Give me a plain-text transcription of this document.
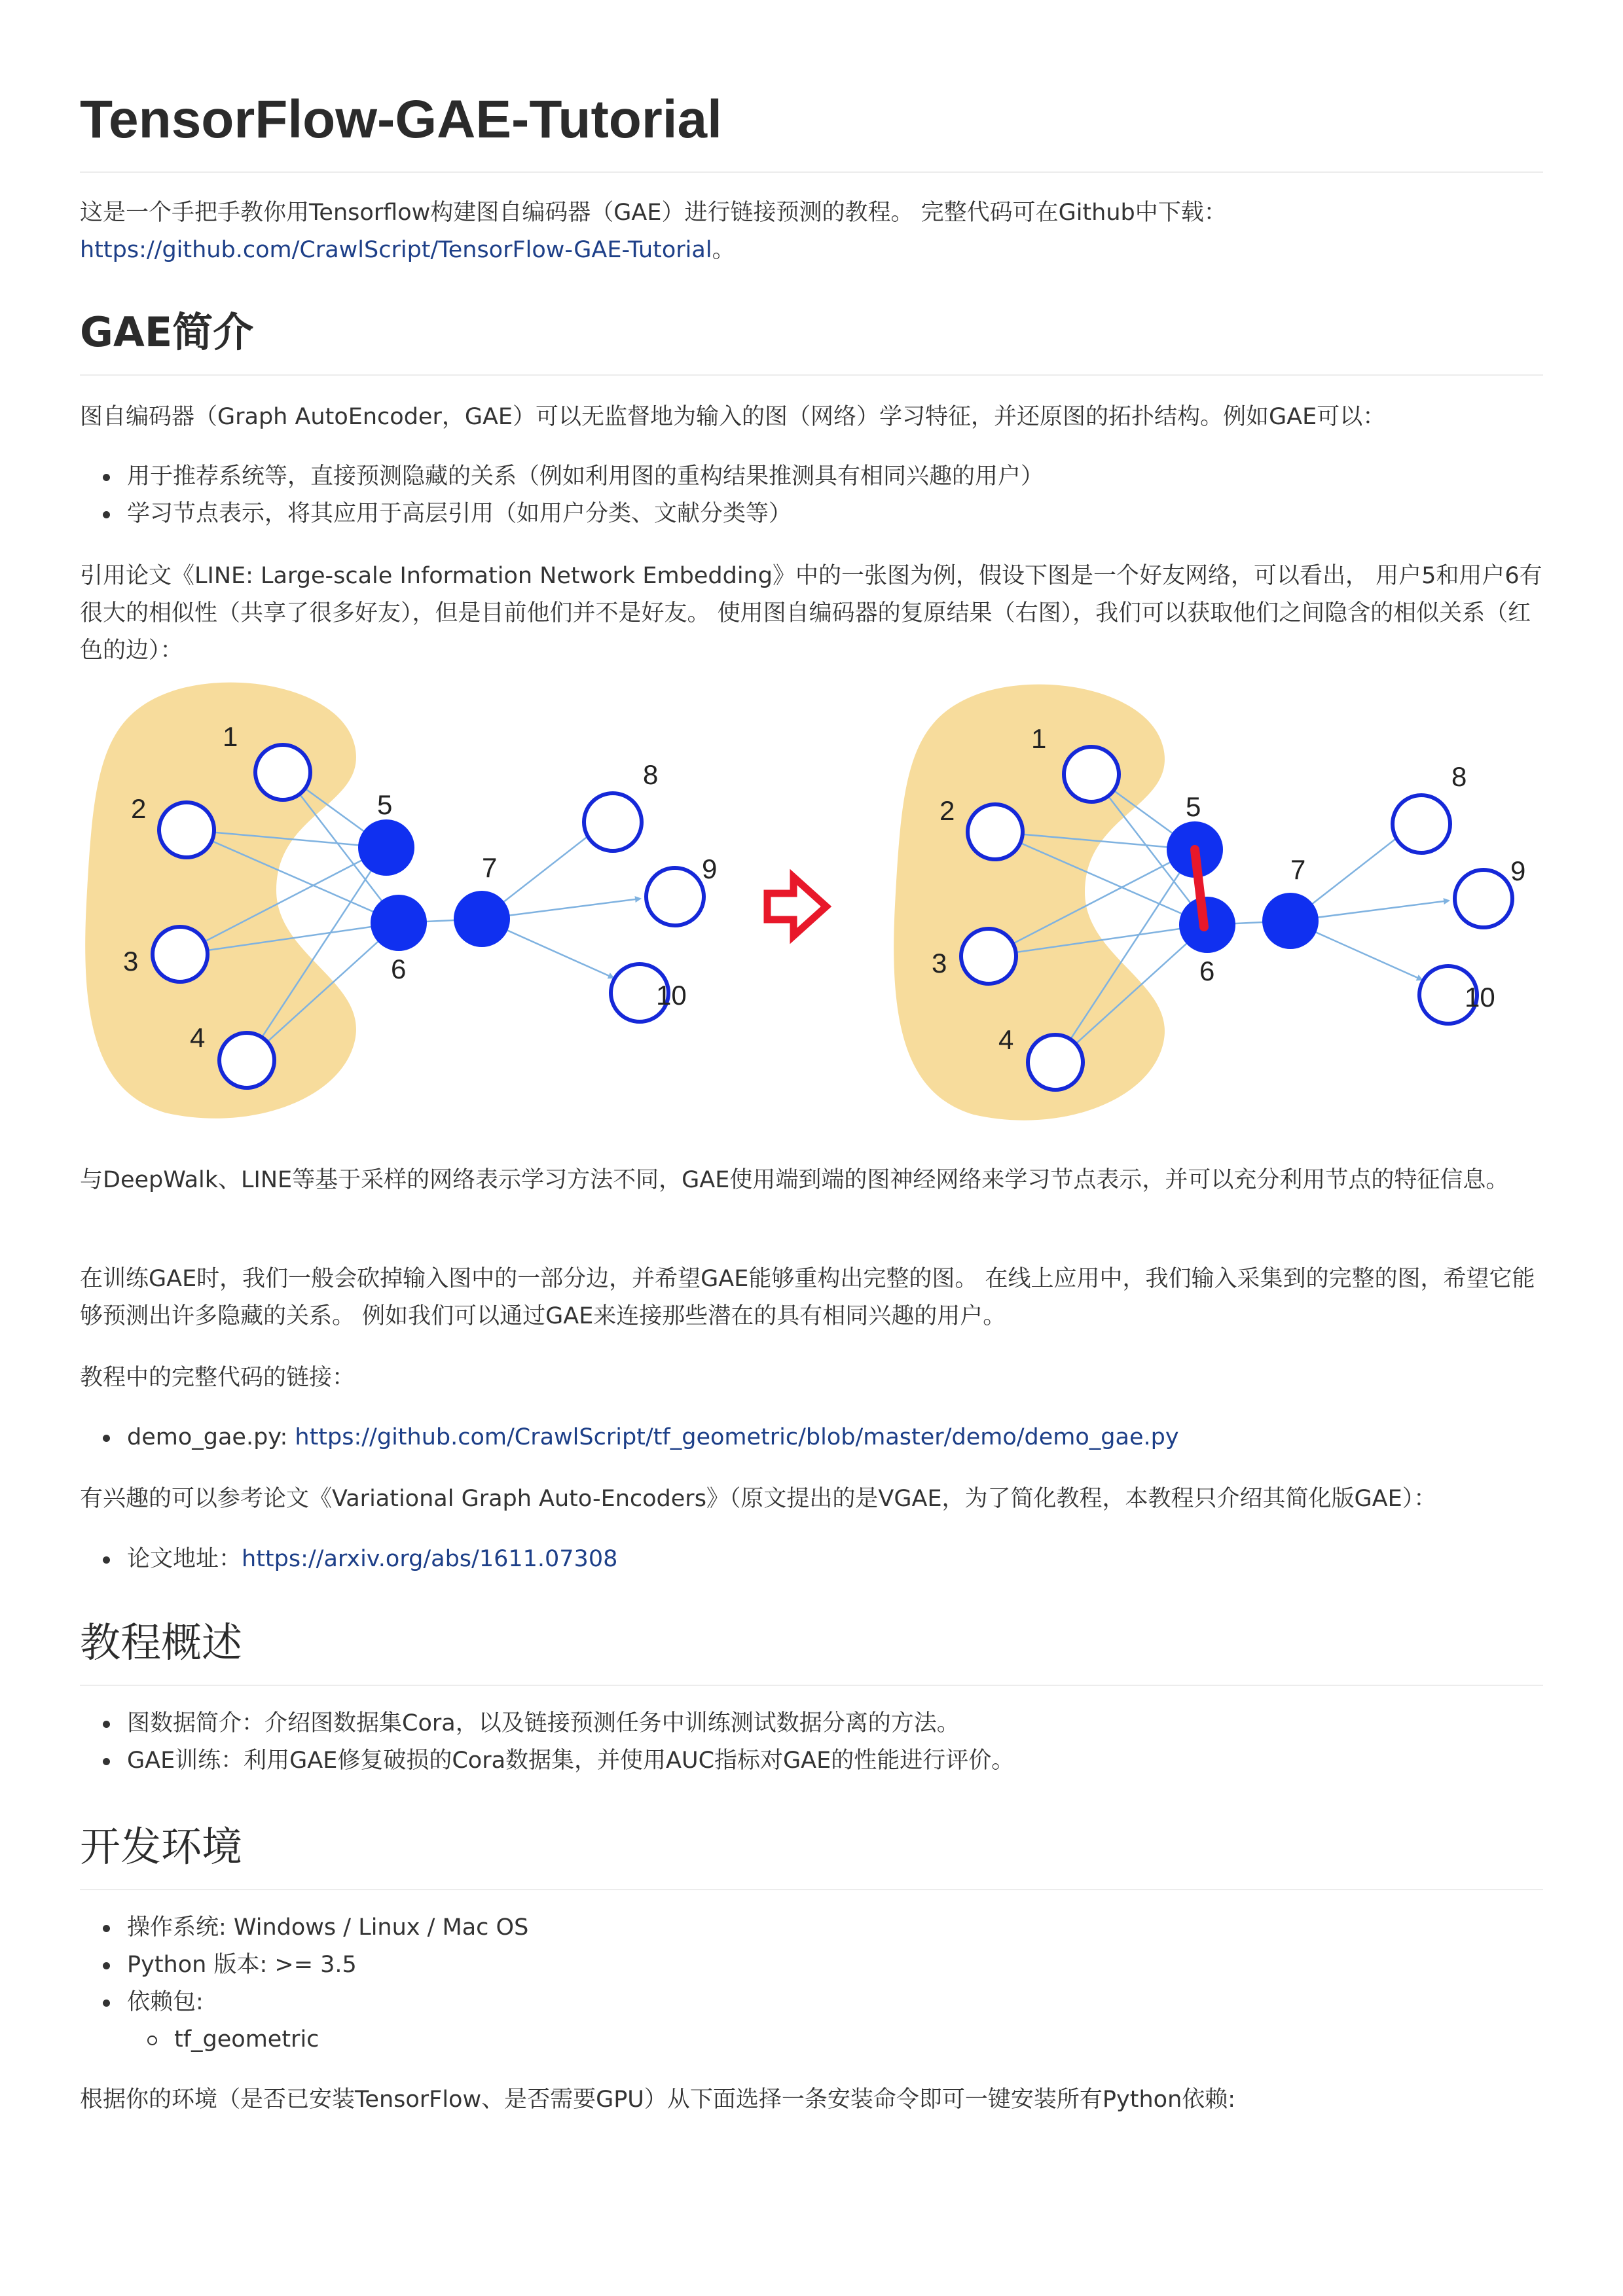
TensorFlow-GAE-Tutorial

这是一个手把手教你用Tensorflow构建图自编码器（GAE）进行链接预测的教程。 完整代码可在Github中下载：

https://github.com/CrawlScript/TensorFlow-GAE-Tutorial。

GAE简介

图自编码器（Graph AutoEncoder，GAE）可以无监督地为输入的图（网络）学习特征，并还原图的拓扑结构。例如GAE可以：

用于推荐系统等，直接预测隐藏的关系（例如利用图的重构结果推测具有相同兴趣的用户）
学习节点表示，将其应用于高层引用（如用户分类、文献分类等）

引用论文《LINE: Large-scale Information Network Embedding》中的一张图为例，假设下图是一个好友网络，可以看出， 用户5和用户6有很大的相似性（共享了很多好友），但是目前他们并不是好友。 使用图自编码器的复原结果（右图），我们可以获取他们之间隐含的相似关系（红色的边）：

1
2
3
4
5
6
7
8
9
10
1
2
3
4
5
6
7
8
9
10

与DeepWalk、LINE等基于采样的网络表示学习方法不同，GAE使用端到端的图神经网络来学习节点表示，并可以充分利用节点的特征信息。

在训练GAE时，我们一般会砍掉输入图中的一部分边，并希望GAE能够重构出完整的图。 在线上应用中，我们输入采集到的完整的图，希望它能够预测出许多隐藏的关系。 例如我们可以通过GAE来连接那些潜在的具有相同兴趣的用户。

教程中的完整代码的链接：

demo_gae.py: https://github.com/CrawlScript/tf_geometric/blob/master/demo/demo_gae.py

有兴趣的可以参考论文《Variational Graph Auto-Encoders》（原文提出的是VGAE，为了简化教程，本教程只介绍其简化版GAE）：

论文地址：https://arxiv.org/abs/1611.07308
教程概述
图数据简介：介绍图数据集Cora，以及链接预测任务中训练测试数据分离的方法。
GAE训练：利用GAE修复破损的Cora数据集，并使用AUC指标对GAE的性能进行评价。
开发环境
操作系统: Windows / Linux / Mac OS
Python 版本: >= 3.5
依赖包:
tf_geometric

根据你的环境（是否已安装TensorFlow、是否需要GPU）从下面选择一条安装命令即可一键安装所有Python依赖:
